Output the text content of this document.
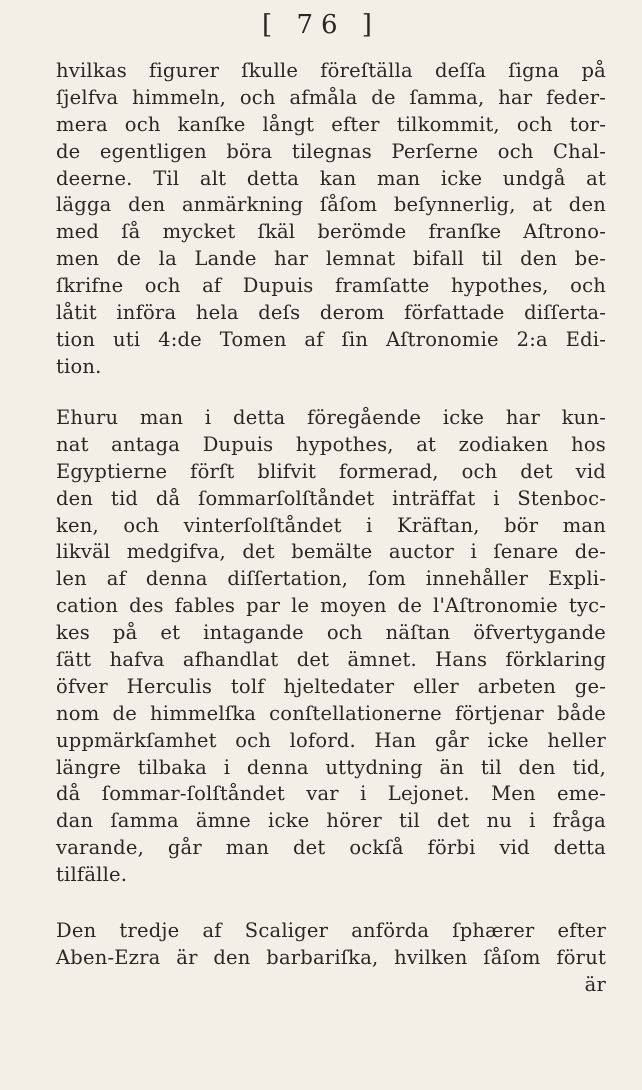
[ 76 ]
hvilkas figurer ſkulle föreſtälla deſſa ſigna på
ſjelfva himmeln, och afmåla de ſamma, har feder-
mera och kanſke långt efter tilkommit, och tor-
de egentligen böra tilegnas Perſerne och Chal-
deerne. Til alt detta kan man icke undgå at
lägga den anmärkning ſåſom beſynnerlig, at den
med ſå mycket ſkäl berömde franſke Aſtrono-
men de la Lande har lemnat bifall til den be-
ſkrifne och af Dupuis framſatte hypothes, och
låtit införa hela deſs derom författade diſſerta-
tion uti 4:de Tomen af ſin Aſtronomie 2:a Edi-
tion.
Ehuru man i detta föregående icke har kun-
nat antaga Dupuis hypothes, at zodiaken hos
Egyptierne förſt blifvit formerad, och det vid
den tid då ſommarſolſtåndet inträffat i Stenboc-
ken, och vinterſolſtåndet i Kräftan, bör man
likväl medgifva, det bemälte auctor i ſenare de-
len af denna diſſertation, ſom innehåller Expli-
cation des fables par le moyen de l'Aſtronomie tyc-
kes på et intagande och näſtan öfvertygande
ſätt hafva afhandlat det ämnet. Hans förklaring
öfver Herculis tolf hjeltedater eller arbeten ge-
nom de himmelſka conſtellationerne förtjenar både
uppmärkſamhet och loford. Han går icke heller
längre tilbaka i denna uttydning än til den tid,
då ſommar-ſolſtåndet var i Lejonet. Men eme-
dan ſamma ämne icke hörer til det nu i fråga
varande, går man det ockſå förbi vid detta
tilfälle.
Den tredje af Scaliger anförda ſphærer efter
Aben-Ezra är den barbariſka, hvilken ſåſom förut
är
